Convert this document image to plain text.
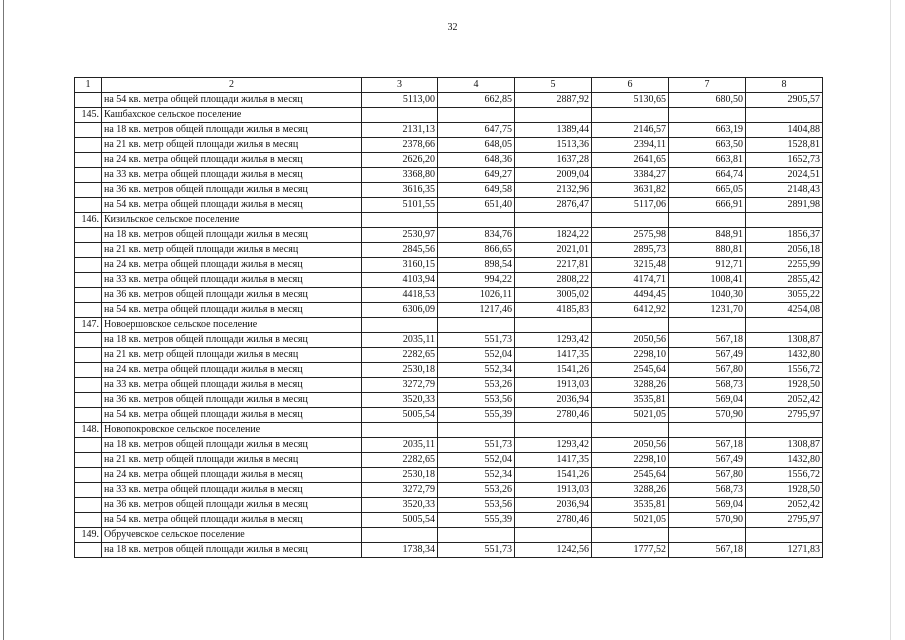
32
1	2	3	4	5	6	7	8
	на 54 кв. метра общей площади жилья в месяц	5113,00	662,85	2887,92	5130,65	680,50	2905,57
145.	Кашбахское сельское поселение						
	на 18 кв. метров общей площади жилья в месяц	2131,13	647,75	1389,44	2146,57	663,19	1404,88
	на 21 кв. метр общей площади жилья в месяц	2378,66	648,05	1513,36	2394,11	663,50	1528,81
	на 24 кв. метра общей площади жилья в месяц	2626,20	648,36	1637,28	2641,65	663,81	1652,73
	на 33 кв. метра общей площади жилья в месяц	3368,80	649,27	2009,04	3384,27	664,74	2024,51
	на 36 кв. метров общей площади жилья в месяц	3616,35	649,58	2132,96	3631,82	665,05	2148,43
	на 54 кв. метра общей площади жилья в месяц	5101,55	651,40	2876,47	5117,06	666,91	2891,98
146.	Кизильское сельское поселение						
	на 18 кв. метров общей площади жилья в месяц	2530,97	834,76	1824,22	2575,98	848,91	1856,37
	на 21 кв. метр общей площади жилья в месяц	2845,56	866,65	2021,01	2895,73	880,81	2056,18
	на 24 кв. метра общей площади жилья в месяц	3160,15	898,54	2217,81	3215,48	912,71	2255,99
	на 33 кв. метра общей площади жилья в месяц	4103,94	994,22	2808,22	4174,71	1008,41	2855,42
	на 36 кв. метров общей площади жилья в месяц	4418,53	1026,11	3005,02	4494,45	1040,30	3055,22
	на 54 кв. метра общей площади жилья в месяц	6306,09	1217,46	4185,83	6412,92	1231,70	4254,08
147.	Новоершовское сельское поселение						
	на 18 кв. метров общей площади жилья в месяц	2035,11	551,73	1293,42	2050,56	567,18	1308,87
	на 21 кв. метр общей площади жилья в месяц	2282,65	552,04	1417,35	2298,10	567,49	1432,80
	на 24 кв. метра общей площади жилья в месяц	2530,18	552,34	1541,26	2545,64	567,80	1556,72
	на 33 кв. метра общей площади жилья в месяц	3272,79	553,26	1913,03	3288,26	568,73	1928,50
	на 36 кв. метров общей площади жилья в месяц	3520,33	553,56	2036,94	3535,81	569,04	2052,42
	на 54 кв. метра общей площади жилья в месяц	5005,54	555,39	2780,46	5021,05	570,90	2795,97
148.	Новопокровское сельское поселение						
	на 18 кв. метров общей площади жилья в месяц	2035,11	551,73	1293,42	2050,56	567,18	1308,87
	на 21 кв. метр общей площади жилья в месяц	2282,65	552,04	1417,35	2298,10	567,49	1432,80
	на 24 кв. метра общей площади жилья в месяц	2530,18	552,34	1541,26	2545,64	567,80	1556,72
	на 33 кв. метра общей площади жилья в месяц	3272,79	553,26	1913,03	3288,26	568,73	1928,50
	на 36 кв. метров общей площади жилья в месяц	3520,33	553,56	2036,94	3535,81	569,04	2052,42
	на 54 кв. метра общей площади жилья в месяц	5005,54	555,39	2780,46	5021,05	570,90	2795,97
149.	Обручевское сельское поселение						
	на 18 кв. метров общей площади жилья в месяц	1738,34	551,73	1242,56	1777,52	567,18	1271,83
